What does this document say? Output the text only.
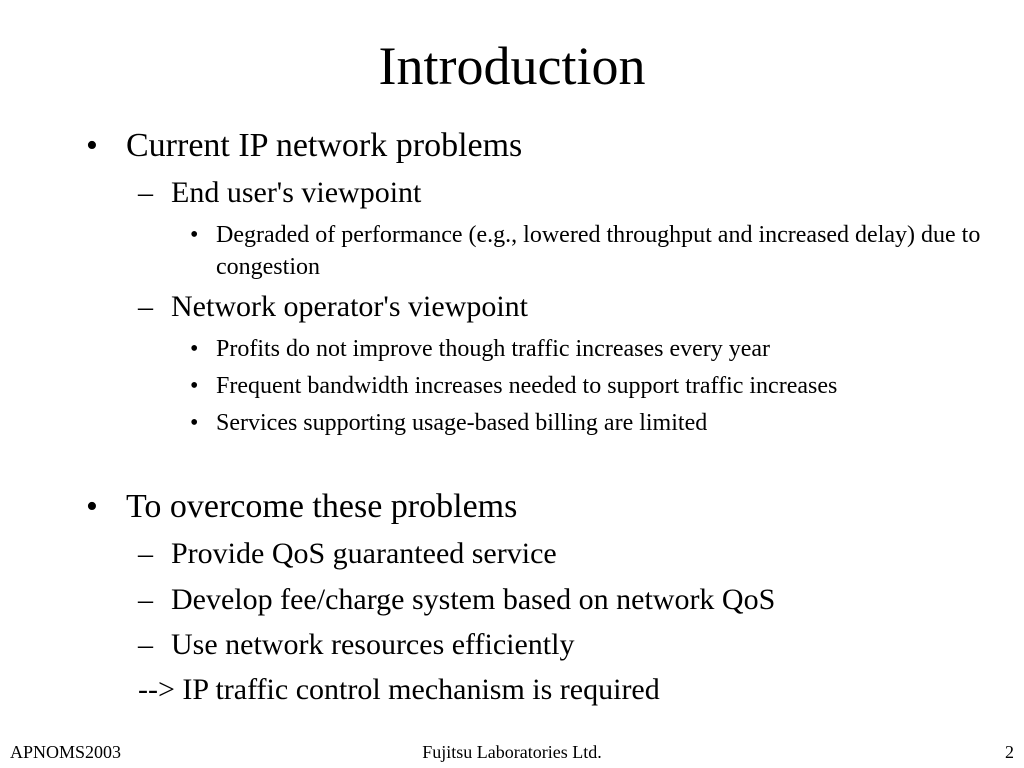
Introduction
• Current IP network problems
– End user's viewpoint
• Degraded of performance (e.g., lowered throughput and increased delay) due to congestion
– Network operator's viewpoint
• Profits do not improve though traffic increases every year
• Frequent bandwidth increases needed to support traffic increases
• Services supporting usage-based billing are limited
• To overcome these problems
– Provide QoS guaranteed service
– Develop fee/charge system based on network QoS
– Use network resources efficiently
--> IP traffic control mechanism is required
APNOMS2003	Fujitsu Laboratories Ltd.	2
